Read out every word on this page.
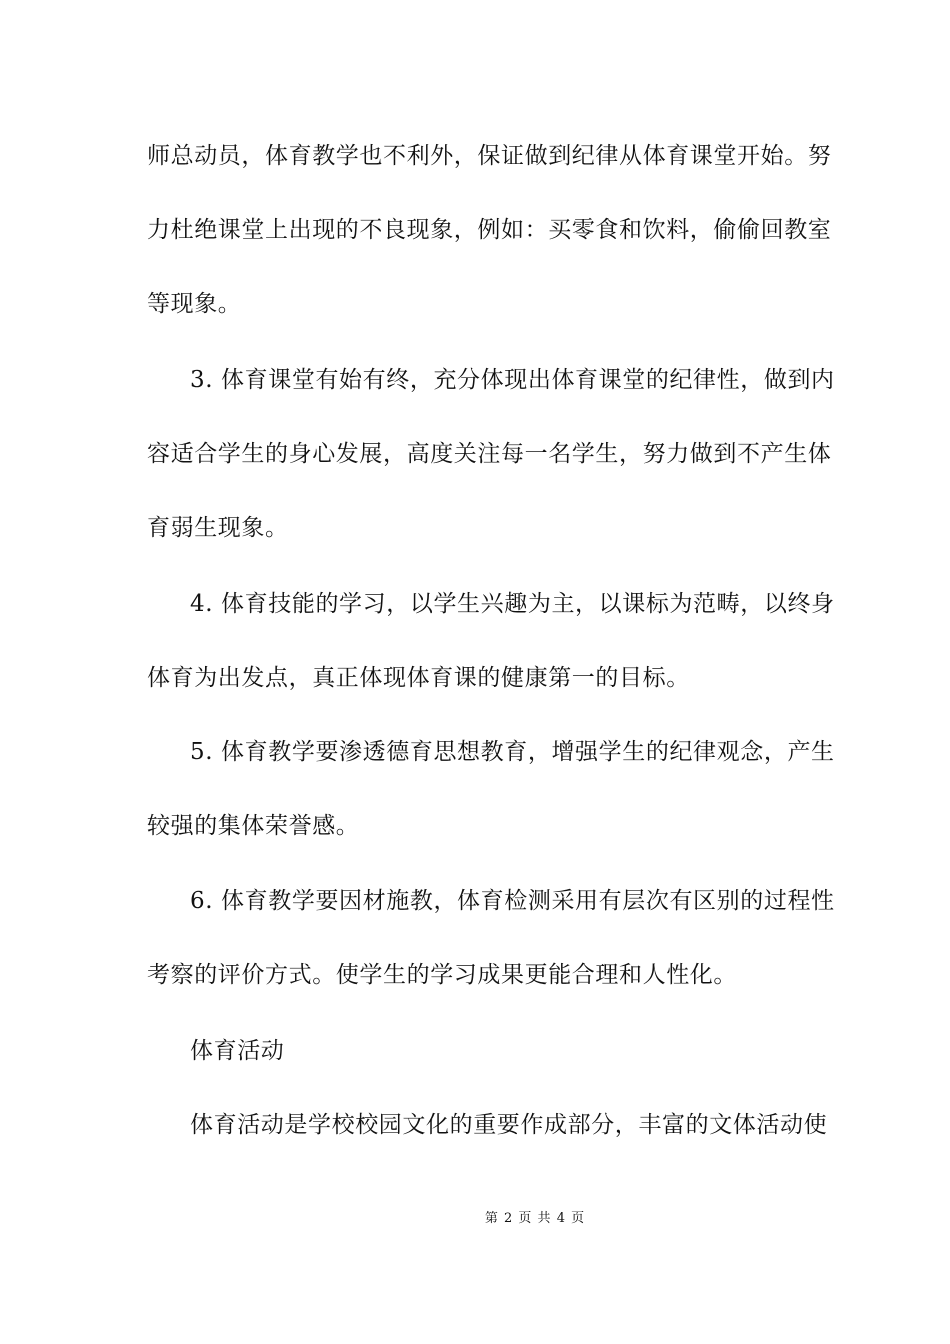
师总动员，体育教学也不利外，保证做到纪律从体育课堂开始。努
力杜绝课堂上出现的不良现象，例如：买零食和饮料，偷偷回教室
等现象。
3. 体育课堂有始有终，充分体现出体育课堂的纪律性，做到内
容适合学生的身心发展，高度关注每一名学生，努力做到不产生体
育弱生现象。
4. 体育技能的学习，以学生兴趣为主，以课标为范畴，以终身
体育为出发点，真正体现体育课的健康第一的目标。
5. 体育教学要渗透德育思想教育，增强学生的纪律观念，产生
较强的集体荣誉感。
6. 体育教学要因材施教，体育检测采用有层次有区别的过程性
考察的评价方式。使学生的学习成果更能合理和人性化。
体育活动
体育活动是学校校园文化的重要作成部分，丰富的文体活动使
第 2 页 共 4 页
